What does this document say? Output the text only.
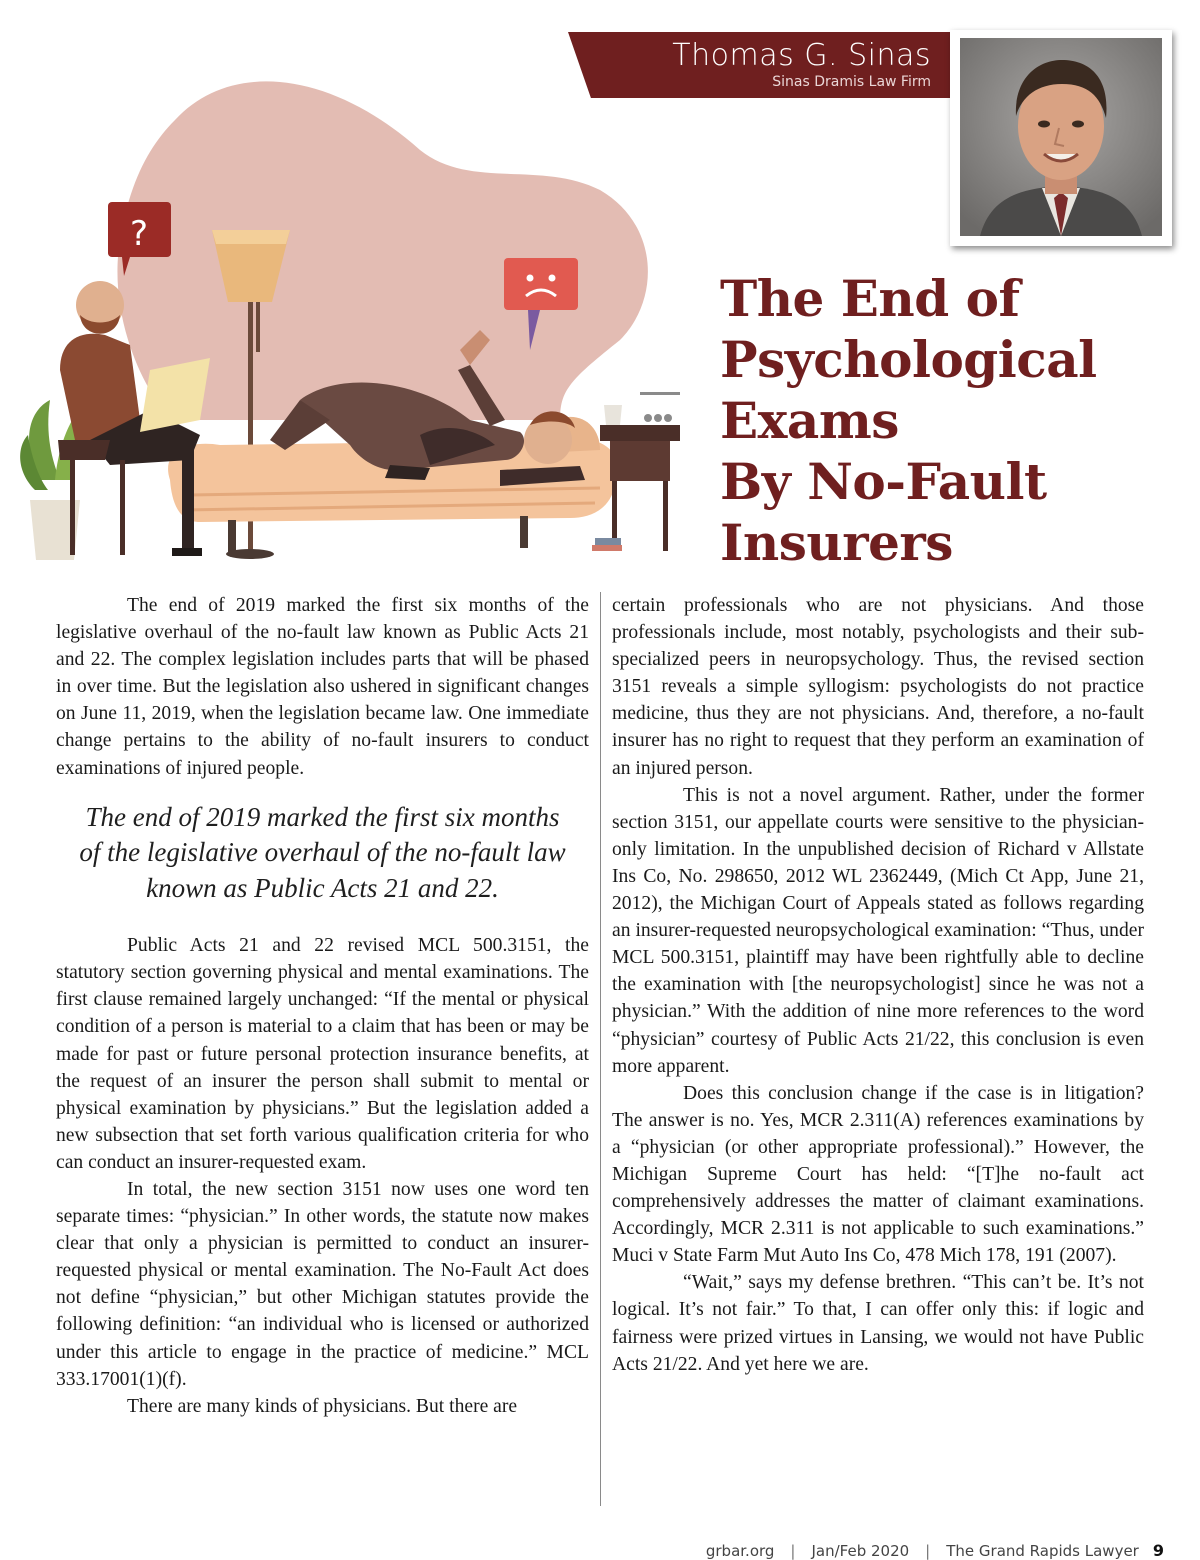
Thomas G. Sinas
Sinas Dramis Law Firm
?
The End of
Psychological
Exams
By No-Fault
Insurers

The end of 2019 marked the first six months of the legislative overhaul of the no-fault law known as Public Acts 21 and 22. The complex legislation includes parts that will be phased in over time. But the legislation also ushered in significant changes on June 11, 2019, when the legislation became law. One immediate change pertains to the ability of no-fault insurers to conduct examinations of injured people.

The end of 2019 marked the first six months of the legislative overhaul of the no-fault law known as Public Acts 21 and 22.

Public Acts 21 and 22 revised MCL 500.3151, the statutory section governing physical and mental examinations. The first clause remained largely unchanged: “If the mental or physical condition of a person is material to a claim that has been or may be made for past or future personal protection insurance benefits, at the request of an insurer the person shall submit to mental or physical examination by physicians.” But the legislation added a new subsection that set forth various qualification criteria for who can conduct an insurer-requested exam.

In total, the new section 3151 now uses one word ten separate times: “physician.” In other words, the statute now makes clear that only a physician is permitted to conduct an insurer-requested physical or mental examination. The No-Fault Act does not define “physician,” but other Michigan statutes provide the following definition: “an individual who is licensed or authorized under this article to engage in the practice of medicine.” MCL 333.17001(1)(f).

There are many kinds of physicians. But there are

certain professionals who are not physicians. And those professionals include, most notably, psychologists and their sub-specialized peers in neuropsychology. Thus, the revised section 3151 reveals a simple syllogism: psychologists do not practice medicine, thus they are not physicians. And, therefore, a no-fault insurer has no right to request that they perform an examination of an injured person.

This is not a novel argument. Rather, under the former section 3151, our appellate courts were sensitive to the physician-only limitation. In the unpublished decision of Richard v Allstate Ins Co, No. 298650, 2012 WL 2362449, (Mich Ct App, June 21, 2012), the Michigan Court of Appeals stated as follows regarding an insurer-requested neuropsychological examination: “Thus, under MCL 500.3151, plaintiff may have been rightfully able to decline the examination with [the neuropsychologist] since he was not a physician.” With the addition of nine more references to the word “physician” courtesy of Public Acts 21/22, this conclusion is even more apparent.

Does this conclusion change if the case is in litigation? The answer is no. Yes, MCR 2.311(A) references examinations by a “physician (or other appropriate professional).” However, the Michigan Supreme Court has held: “[T]he no-fault act comprehensively addresses the matter of claimant examinations. Accordingly, MCR 2.311 is not applicable to such examinations.” Muci v State Farm Mut Auto Ins Co, 478 Mich 178, 191 (2007).

“Wait,” says my defense brethren. “This can’t be. It’s not logical. It’s not fair.” To that, I can offer only this: if logic and fairness were prized virtues in Lansing, we would not have Public Acts 21/22. And yet here we are.

grbar.org | Jan/Feb 2020 | The Grand Rapids Lawyer 9
